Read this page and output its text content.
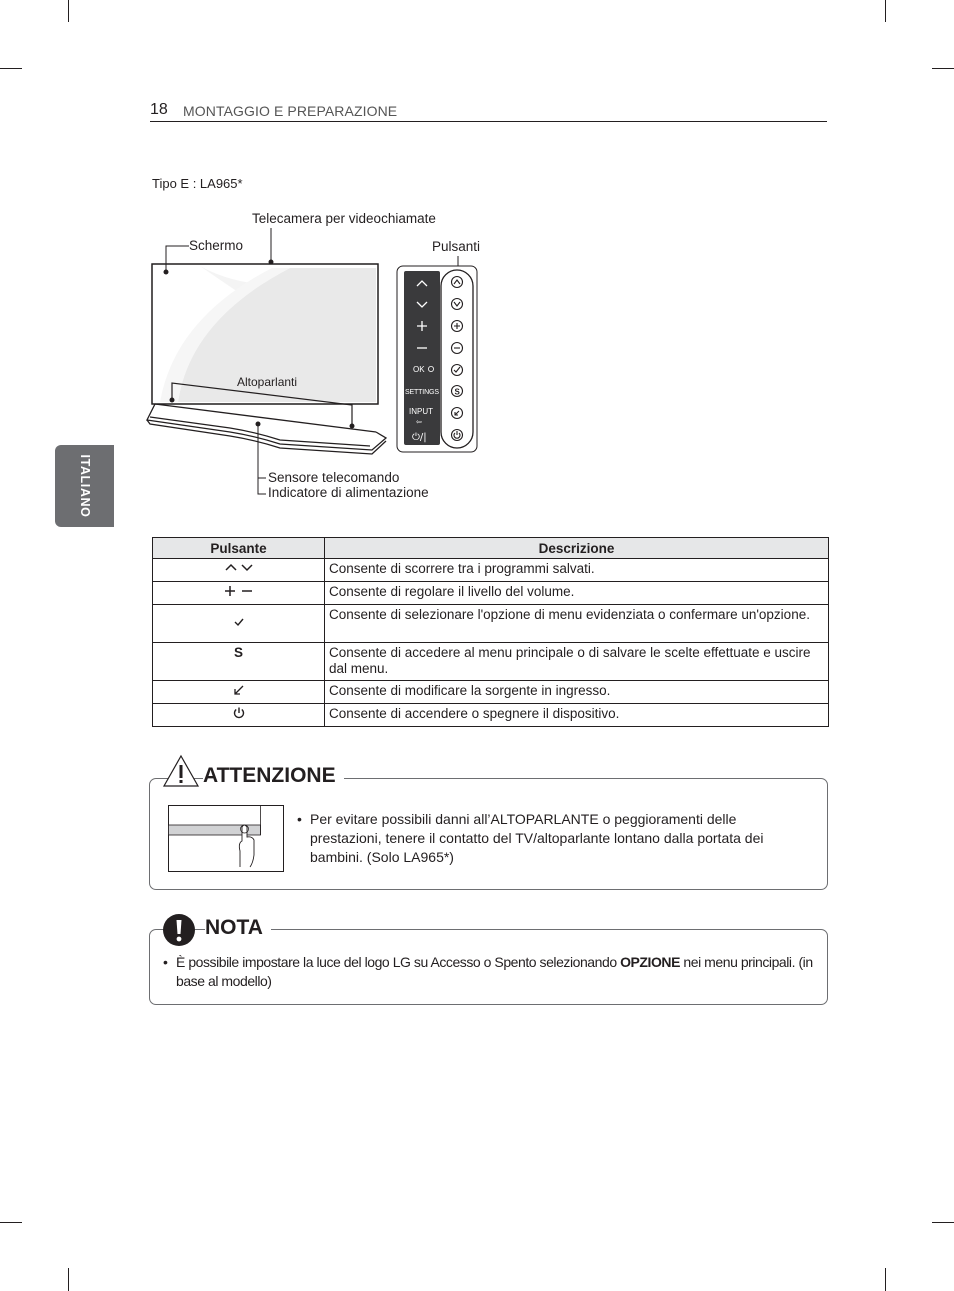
18 MONTAGGIO E PREPARAZIONE
ITALIANO
Tipo E : LA965*
OK
SETTINGS
INPUT
⇦
⏻/|
S
Telecamera per videochiamate
Schermo	Pulsanti
Altoparlanti
Sensore telecomando
Indicatore di alimentazione
Pulsante	Descrizione
	Consente di scorrere tra i programmi salvati.
	Consente di regolare il livello del volume.
	Consente di selezionare l'opzione di menu evidenziata o confermare un'opzione.
S	Consente di accedere al menu principale o di salvare le scelte effettuate e uscire dal menu.
	Consente di modificare la sorgente in ingresso.
	Consente di accendere o spegnere il dispositivo.
ATTENZIONE
• Per evitare possibili danni all’ALTOPARLANTE o peggioramenti delle prestazioni, tenere il contatto del TV/altoparlante lontano dalla portata dei bambini. (Solo LA965*)
NOTA
• È possibile impostare la luce del logo LG su Accesso o Spento selezionando OPZIONE nei menu principali. (in base al modello)
